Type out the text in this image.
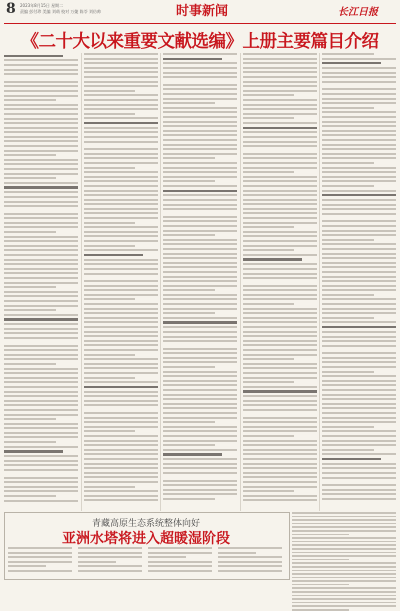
8 2023年8月15日 星期二
责编 彭付珍 美编 刘萌 校对 万婕 陈苓 刘仿帅	时事新闻	长江日报
《二十大以来重要文献选编》上册主要篇目介绍
青藏高原生态系统整体向好
亚洲水塔将进入超暖湿阶段
